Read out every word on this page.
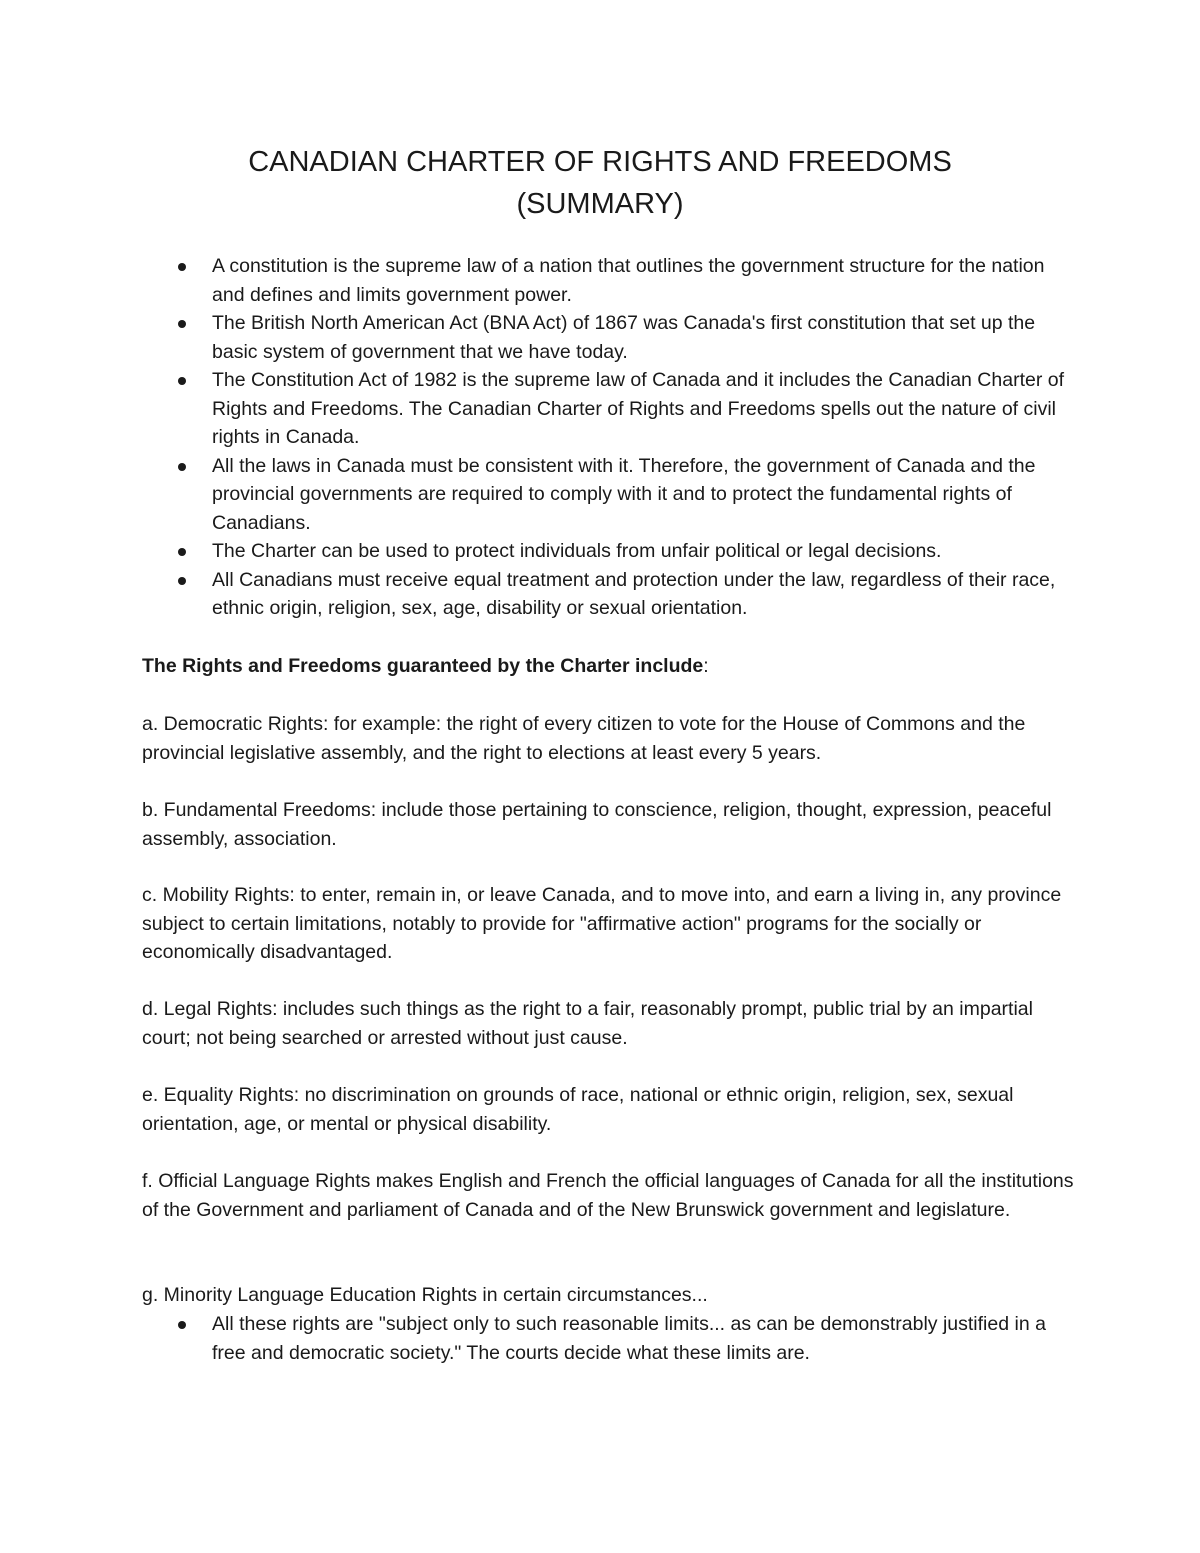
CANADIAN CHARTER OF RIGHTS AND FREEDOMS
(SUMMARY)
A constitution is the supreme law of a nation that outlines the government structure for the nation and defines and limits government power.
The British North American Act (BNA Act) of 1867 was Canada's first constitution that set up the basic system of government that we have today.
The Constitution Act of 1982 is the supreme law of Canada and it includes the Canadian Charter of Rights and Freedoms. The Canadian Charter of Rights and Freedoms spells out the nature of civil rights in Canada.
All the laws in Canada must be consistent with it. Therefore, the government of Canada and the provincial governments are required to comply with it and to protect the fundamental rights of Canadians.
The Charter can be used to protect individuals from unfair political or legal decisions.
All Canadians must receive equal treatment and protection under the law, regardless of their race, ethnic origin, religion, sex, age, disability or sexual orientation.
The Rights and Freedoms guaranteed by the Charter include:

a. Democratic Rights: for example: the right of every citizen to vote for the House of Commons and the provincial legislative assembly, and the right to elections at least every 5 years.

b. Fundamental Freedoms: include those pertaining to conscience, religion, thought, expression, peaceful assembly, association.

c. Mobility Rights: to enter, remain in, or leave Canada, and to move into, and earn a living in, any province subject to certain limitations, notably to provide for "affirmative action" programs for the socially or economically disadvantaged.

d. Legal Rights: includes such things as the right to a fair, reasonably prompt, public trial by an impartial court; not being searched or arrested without just cause.

e. Equality Rights: no discrimination on grounds of race, national or ethnic origin, religion, sex, sexual orientation, age, or mental or physical disability.

f. Official Language Rights makes English and French the official languages of Canada for all the institutions of the Government and parliament of Canada and of the New Brunswick government and legislature.

g. Minority Language Education Rights in certain circumstances...

All these rights are "subject only to such reasonable limits... as can be demonstrably justified in a free and democratic society." The courts decide what these limits are.
